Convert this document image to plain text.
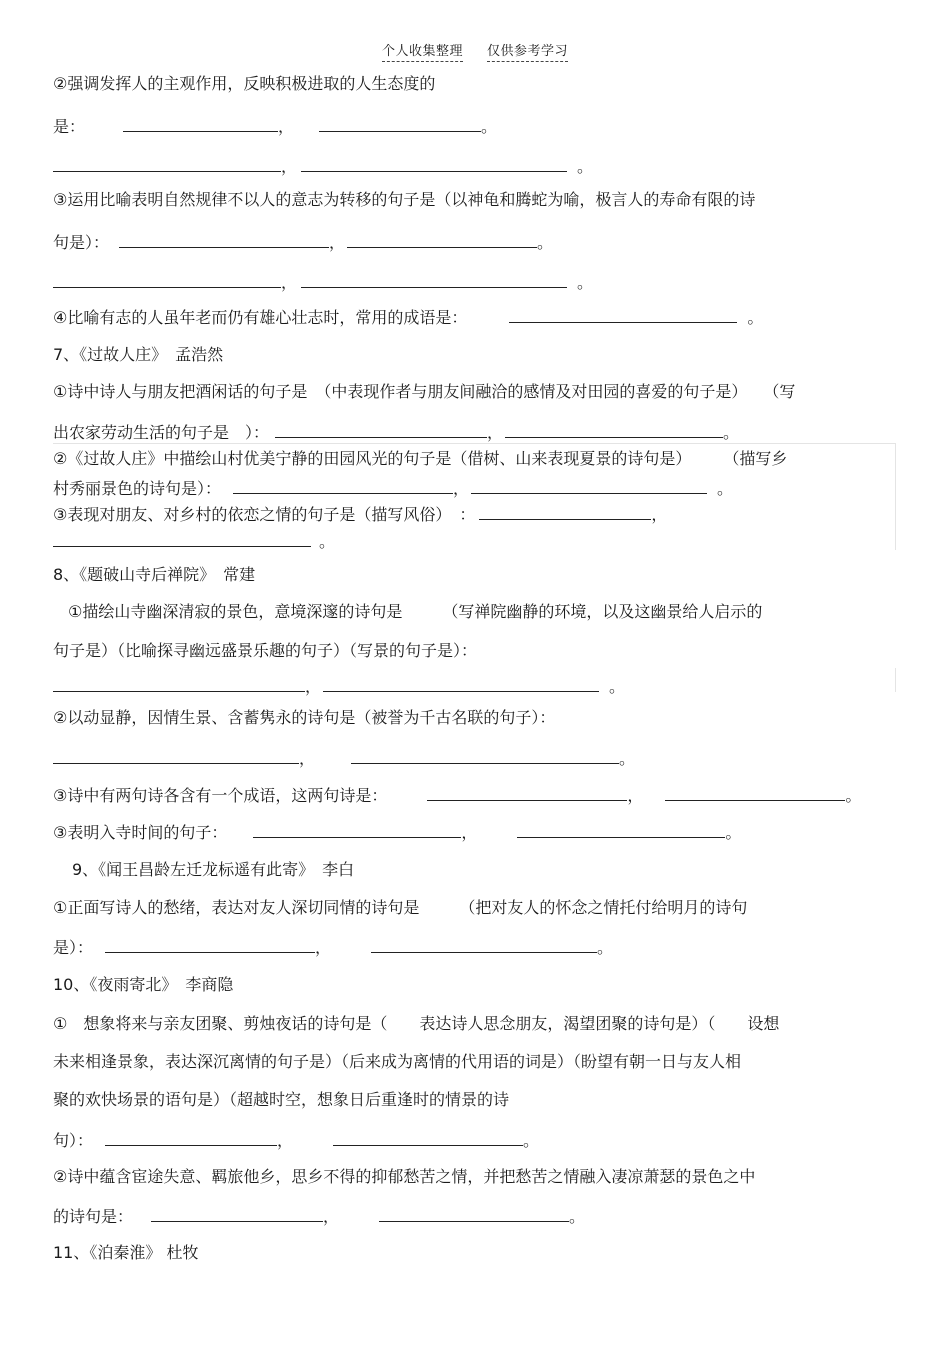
个人收集整理 仅供参考学习
②强调发挥人的主观作用，反映积极进取的人生态度的
是：	，	。
，	。
③运用比喻表明自然规律不以人的意志为转移的句子是（以神龟和腾蛇为喻，极言人的寿命有限的诗
句是）：	，	。
，	。
④比喻有志的人虽年老而仍有雄心壮志时，常用的成语是：	。
7、《过故人庄》　孟浩然
①诗中诗人与朋友把酒闲话的句子是　（中表现作者与朋友间融洽的感情及对田园的喜爱的句子是）　　（写
出农家劳动生活的句子是　）：	，	。
②《过故人庄》中描绘山村优美宁静的田园风光的句子是（借树、山来表现夏景的诗句是）　　　（描写乡
村秀丽景色的诗句是）：	，	。
③表现对朋友、对乡村的依恋之情的句子是（描写风俗）　：	，
。
8、《题破山寺后禅院》　常建
①描绘山寺幽深清寂的景色，意境深邃的诗句是　　　（写禅院幽静的环境，以及这幽景给人启示的
句子是）（比喻探寻幽远盛景乐趣的句子）（写景的句子是）：
，	。
②以动显静，因情生景、含蓄隽永的诗句是（被誉为千古名联的句子）：
，	。
③诗中有两句诗各含有一个成语，这两句诗是：	，	。
③表明入寺时间的句子：	，	。
9、《闻王昌龄左迁龙标遥有此寄》　李白
①正面写诗人的愁绪，表达对友人深切同情的诗句是　　　（把对友人的怀念之情托付给明月的诗句
是）：	，	。
10、《夜雨寄北》　李商隐
①　想象将来与亲友团聚、剪烛夜话的诗句是（　　表达诗人思念朋友，渴望团聚的诗句是）（　　设想
未来相逢景象，表达深沉离情的句子是）（后来成为离情的代用语的词是）（盼望有朝一日与友人相
聚的欢快场景的语句是）（超越时空，想象日后重逢时的情景的诗
句）：	，	。
②诗中蕴含宦途失意、羁旅他乡，思乡不得的抑郁愁苦之情，并把愁苦之情融入凄凉萧瑟的景色之中
的诗句是：	，	。
11、《泊秦淮》 杜牧
